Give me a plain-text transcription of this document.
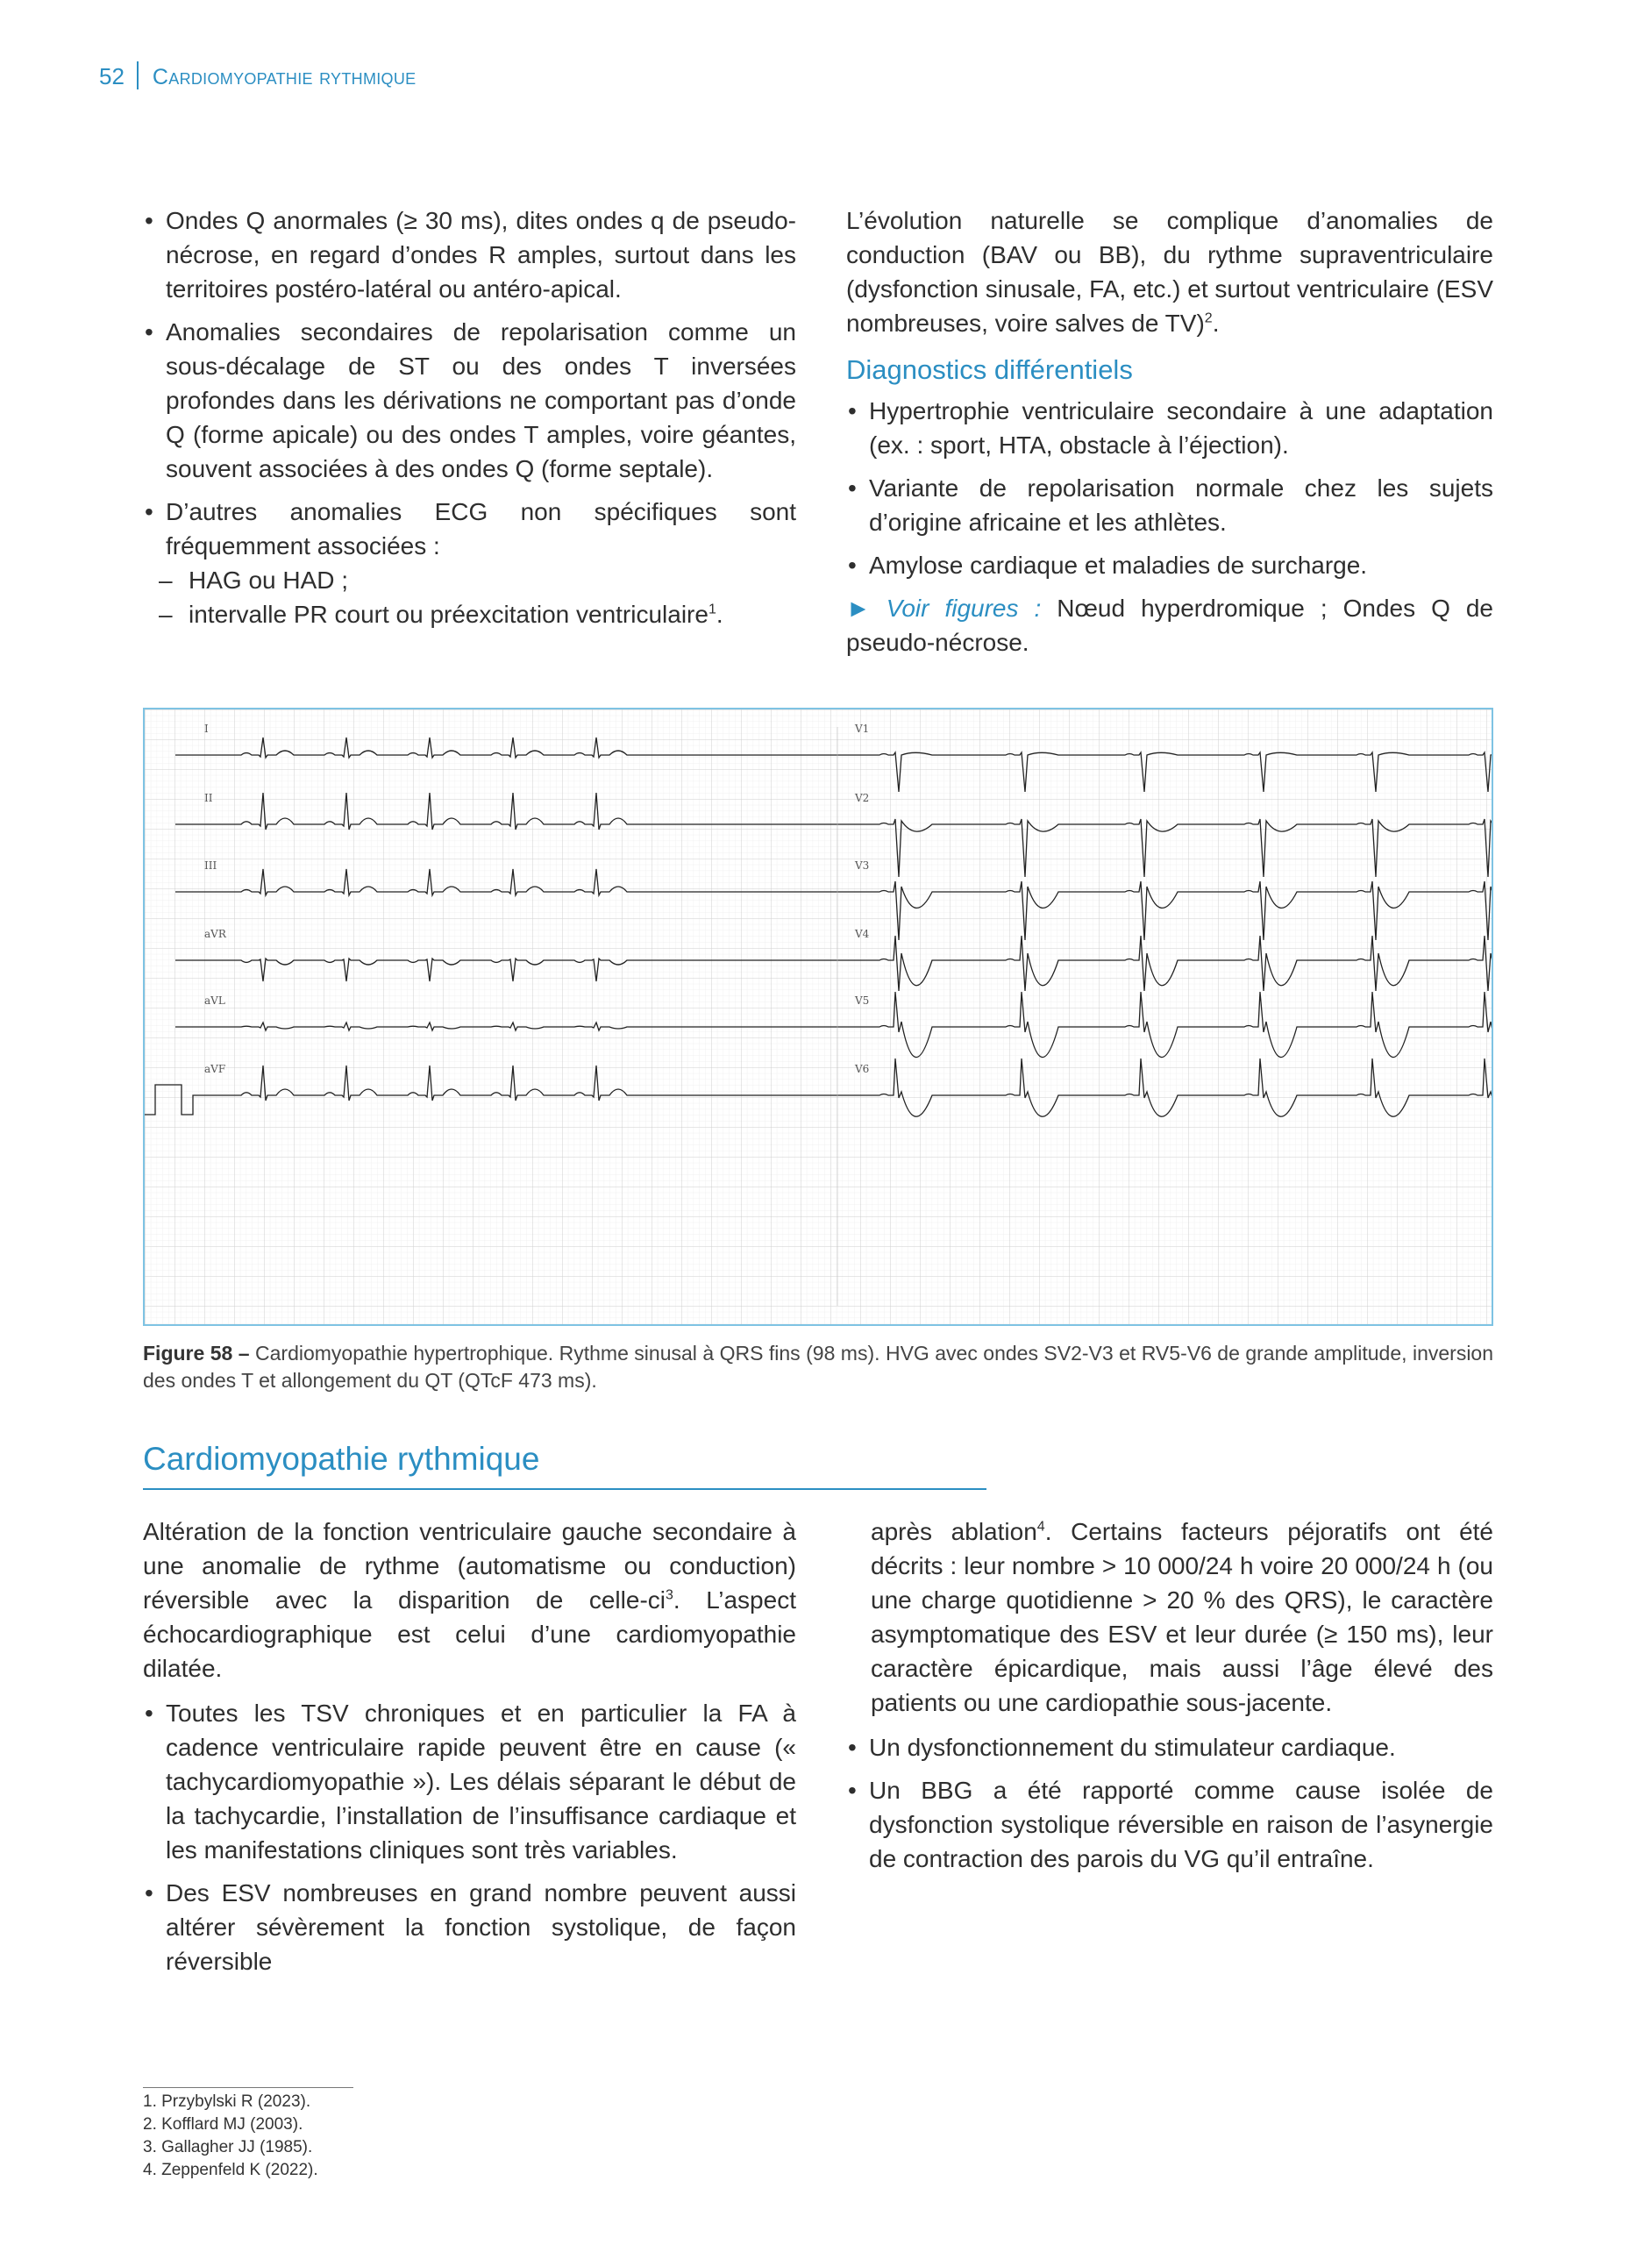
52 Cardiomyopathie rythmique
• Ondes Q anormales (≥ 30 ms), dites ondes q de pseudo-nécrose, en regard d’ondes R amples, surtout dans les territoires postéro-latéral ou antéro-apical.
• Anomalies secondaires de repolarisation comme un sous-décalage de ST ou des ondes T inversées profondes dans les dérivations ne comportant pas d’onde Q (forme apicale) ou des ondes T amples, voire géantes, souvent associées à des ondes Q (forme septale).
• D’autres anomalies ECG non spécifiques sont fréquemment associées :
– HAG ou HAD ;
– intervalle PR court ou préexcitation ventriculaire$^1$.

L’évolution naturelle se complique d’anomalies de conduction (BAV ou BB), du rythme supraventriculaire (dysfonction sinusale, FA, etc.) et surtout ventriculaire (ESV nombreuses, voire salves de TV)$^2$.

Diagnostics différentiels
• Hypertrophie ventriculaire secondaire à une adaptation (ex. : sport, HTA, obstacle à l’éjection).
• Variante de repolarisation normale chez les sujets d’origine africaine et les athlètes.
• Amylose cardiaque et maladies de surcharge.

► Voir figures : Nœud hyperdromique ; Ondes Q de pseudo-nécrose.

I	V1
II	V2
III	V3
aVR	V4
aVL	V5
aVF	V6
Figure 58 – Cardiomyopathie hypertrophique. Rythme sinusal à QRS fins (98 ms). HVG avec ondes SV2-V3 et RV5-V6 de grande amplitude, inversion des ondes T et allongement du QT (QTcF 473 ms).
Cardiomyopathie rythmique

Altération de la fonction ventriculaire gauche secondaire à une anomalie de rythme (automatisme ou conduction) réversible avec la disparition de celle-$ci^3$. L’aspect échocardiographique est celui d’une cardiomyopathie dilatée.

• Toutes les TSV chroniques et en particulier la FA à cadence ventriculaire rapide peuvent être en cause (« tachycardiomyopathie »). Les délais séparant le début de la tachycardie, l’installation de l’insuffisance cardiaque et les manifestations cliniques sont très variables.
• Des ESV nombreuses en grand nombre peuvent aussi altérer sévèrement la fonction systolique, de façon réversible

après ablation$^4$. Certains facteurs péjoratifs ont été décrits : leur nombre > 10 000/24 h voire 20 000/24 h (ou une charge quotidienne > 20 % des QRS), le caractère asymptomatique des ESV et leur durée (≥ 150 ms), leur caractère épicardique, mais aussi l’âge élevé des patients ou une cardiopathie sous-jacente.

• Un dysfonctionnement du stimulateur cardiaque.
• Un BBG a été rapporté comme cause isolée de dysfonction systolique réversible en raison de l’asynergie de contraction des parois du VG qu’il entraîne.
1. Przybylski R (2023).
2. Kofflard MJ (2003).
3. Gallagher JJ (1985).
4. Zeppenfeld K (2022).
